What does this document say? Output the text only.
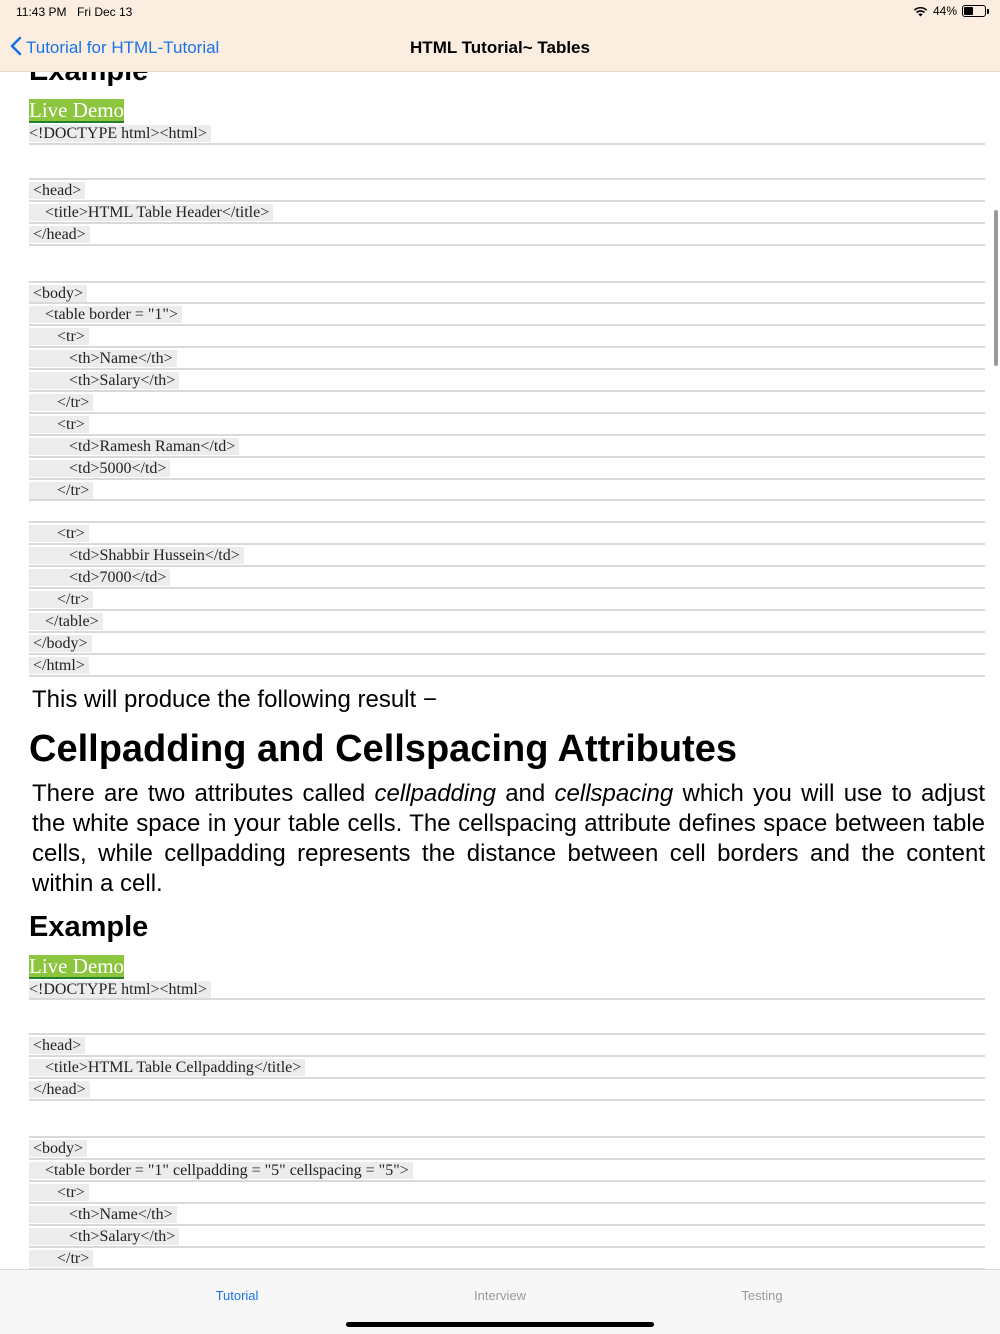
11:43 PM Fri Dec 13	44%
Tutorial for HTML-Tutorial	HTML Tutorial~ Tables
Live Demo
<!DOCTYPE html><html>
<head>
<title>HTML Table Header</title>
</head>
<body>
<table border = "1">
<tr>
<th>Name</th>
<th>Salary</th>
</tr>
<tr>
<td>Ramesh Raman</td>
<td>5000</td>
</tr>
<tr>
<td>Shabbir Hussein</td>
<td>7000</td>
</tr>
</table>
</body>
</html>

This will produce the following result −

Cellpadding and Cellspacing Attributes

There are two attributes called cellpadding and cellspacing which you will use to adjust the white space in your table cells. The cellspacing attribute defines space between table cells, while cellpadding represents the distance between cell borders and the content within a cell.

Example
Live Demo
<!DOCTYPE html><html>
<head>
<title>HTML Table Cellpadding</title>
</head>
<body>
<table border = "1" cellpadding = "5" cellspacing = "5">
<tr>
<th>Name</th>
<th>Salary</th>
</tr>
Tutorial	Interview	Testing
